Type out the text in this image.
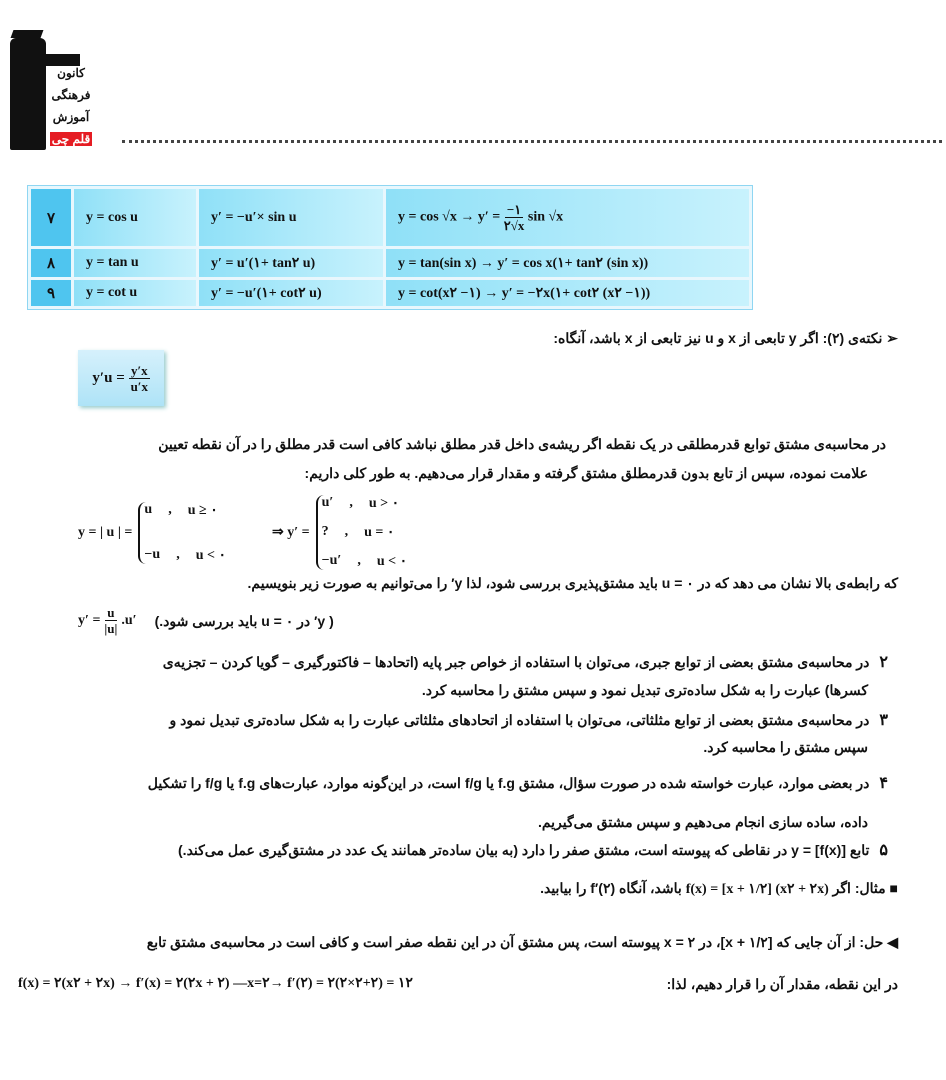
کانون
فرهنگی
آموزش
قلم چی
۷	y = cos u	y′ = −u′× sin u	$y = \cos √x \to y' = \frac{-۱}{۲√x}$ sin √x
۸	y = tan u	y′ = u′(۱+ tan۲ u)	y = tan(sin x) → y′ = cos x(۱+ tan۲ (sin x))
۹	y = cot u	y′ = −u′(۱+ cot۲ u)	y = cot(x۲ −۱) → y′ = −۲x(۱+ cot۲ (x۲ −۱))
➢ نکته‌ی (۲): اگر y تابعی از x و u نیز تابعی از x باشد، آنگاه:
y′u =
$\frac{y'x}{u'x}$
در محاسبه‌ی مشتق توابع قدرمطلقی در یک نقطه اگر ریشه‌ی داخل قدر مطلق نباشد کافی است قدر مطلق را در آن نقطه تعیین
علامت نموده، سپس از تابع بدون قدرمطلق مشتق گرفته و مقدار قرار می‌دهیم. به طور کلی داریم:
y = | u | =
u , u ≥ ۰
−u , u < ۰
⇒ y′ =
u′ , u > ۰
? , u = ۰
−u′ , u < ۰
که رابطه‌ی بالا نشان می دهد که در u = ۰ باید مشتق‌پذیری بررسی شود، لذا y′ را می‌توانیم به صورت زیر بنویسیم.
$y' = \frac{u}{|u|} .u'$ ( y′ در u = ۰ باید بررسی شود.)
۲در محاسبه‌ی مشتق بعضی از توابع جبری، می‌توان با استفاده از خواص جبر پایه (اتحادها – فاکتورگیری – گویا کردن – تجزیه‌ی
کسرها) عبارت را به شکل ساده‌تری تبدیل نمود و سپس مشتق را محاسبه کرد.
۳در محاسبه‌ی مشتق بعضی از توابع مثلثاتی، می‌توان با استفاده از اتحادهای مثلثاتی عبارت را به شکل ساده‌تری تبدیل نمود و
سپس مشتق را محاسبه کرد.
۴در بعضی موارد، عبارت خواسته شده در صورت سؤال، مشتق f.g یا f/g است، در این‌گونه موارد، عبارت‌های f.g یا f/g را تشکیل
داده، ساده سازی انجام می‌دهیم و سپس مشتق می‌گیریم.
۵تابع y = [f(x)] در نقاطی که پیوسته است، مشتق صفر را دارد (به بیان ساده‌تر همانند یک عدد در مشتق‌گیری عمل می‌کند.)
■ مثال: اگر f(x) = [x + ۱/۲] (x۲ + ۲x) باشد، آنگاه f′(۲) را بیابید.
◀ حل: از آن جایی که [x + ۱/۲]، در x = ۲ پیوسته است، پس مشتق آن در این نقطه صفر است و کافی است در محاسبه‌ی مشتق تابع
در این نقطه، مقدار آن را قرار دهیم، لذا:
f(x) = ۲(x۲ + ۲x) → f′(x) = ۲(۲x + ۲) —x=۲→ f′(۲) = ۲(۲×۲+۲) = ۱۲
